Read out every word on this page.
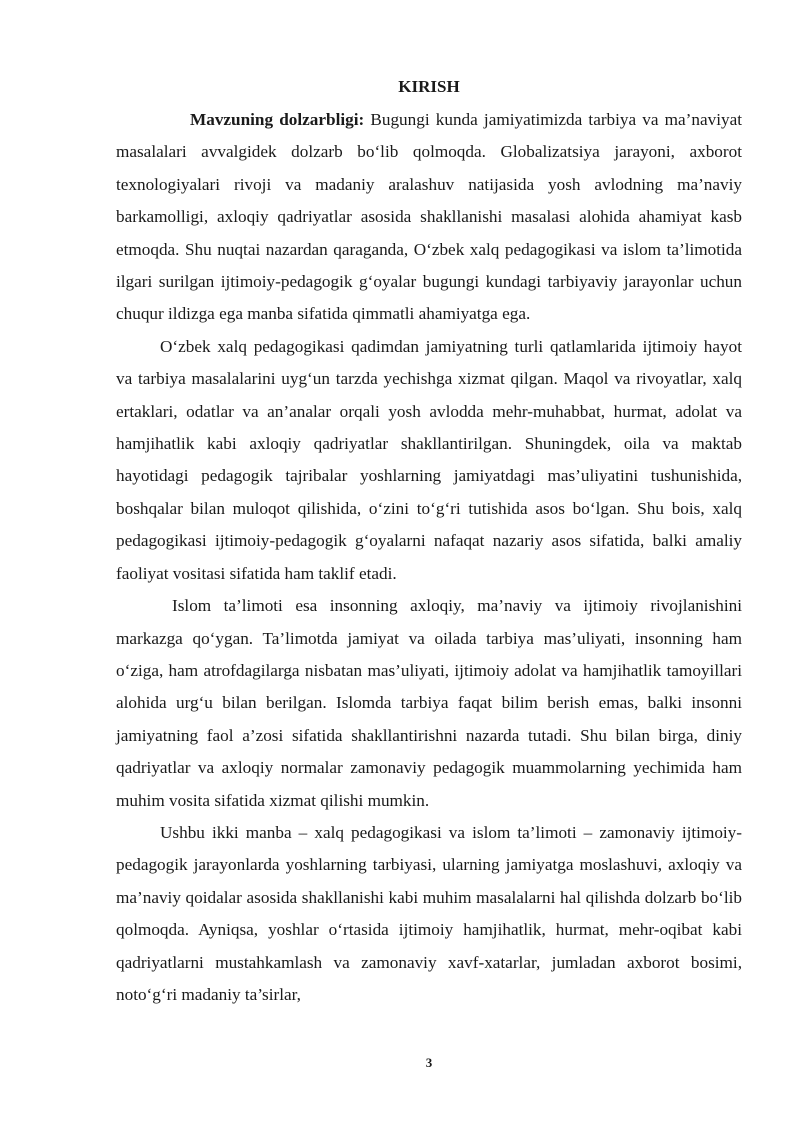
KIRISH

Mavzuning dolzarbligi: Bugungi kunda jamiyatimizda tarbiya va ma’naviyat masalalari avvalgidek dolzarb bo‘lib qolmoqda. Globalizatsiya jarayoni, axborot texnologiyalari rivoji va madaniy aralashuv natijasida yosh avlodning ma’naviy barkamolligi, axloqiy qadriyatlar asosida shakllanishi masalasi alohida ahamiyat kasb etmoqda. Shu nuqtai nazardan qaraganda, O‘zbek xalq pedagogikasi va islom ta’limotida ilgari surilgan ijtimoiy-pedagogik g‘oyalar bugungi kundagi tarbiyaviy jarayonlar uchun chuqur ildizga ega manba sifatida qimmatli ahamiyatga ega.

O‘zbek xalq pedagogikasi qadimdan jamiyatning turli qatlamlarida ijtimoiy hayot va tarbiya masalalarini uyg‘un tarzda yechishga xizmat qilgan. Maqol va rivoyatlar, xalq ertaklari, odatlar va an’analar orqali yosh avlodda mehr-muhabbat, hurmat, adolat va hamjihatlik kabi axloqiy qadriyatlar shakllantirilgan. Shuningdek, oila va maktab hayotidagi pedagogik tajribalar yoshlarning jamiyatdagi mas’uliyatini tushunishida, boshqalar bilan muloqot qilishida, o‘zini to‘g‘ri tutishida asos bo‘lgan. Shu bois, xalq pedagogikasi ijtimoiy-pedagogik g‘oyalarni nafaqat nazariy asos sifatida, balki amaliy faoliyat vositasi sifatida ham taklif etadi.

Islom ta’limoti esa insonning axloqiy, ma’naviy va ijtimoiy rivojlanishini markazga qo‘ygan. Ta’limotda jamiyat va oilada tarbiya mas’uliyati, insonning ham o‘ziga, ham atrofdagilarga nisbatan mas’uliyati, ijtimoiy adolat va hamjihatlik tamoyillari alohida urg‘u bilan berilgan. Islomda tarbiya faqat bilim berish emas, balki insonni jamiyatning faol a’zosi sifatida shakllantirishni nazarda tutadi. Shu bilan birga, diniy qadriyatlar va axloqiy normalar zamonaviy pedagogik muammolarning yechimida ham muhim vosita sifatida xizmat qilishi mumkin.

Ushbu ikki manba – xalq pedagogikasi va islom ta’limoti – zamonaviy ijtimoiy-pedagogik jarayonlarda yoshlarning tarbiyasi, ularning jamiyatga moslashuvi, axloqiy va ma’naviy qoidalar asosida shakllanishi kabi muhim masalalarni hal qilishda dolzarb bo‘lib qolmoqda. Ayniqsa, yoshlar o‘rtasida ijtimoiy hamjihatlik, hurmat, mehr-oqibat kabi qadriyatlarni mustahkamlash va zamonaviy xavf-xatarlar, jumladan axborot bosimi, noto‘g‘ri madaniy ta’sirlar,

3
